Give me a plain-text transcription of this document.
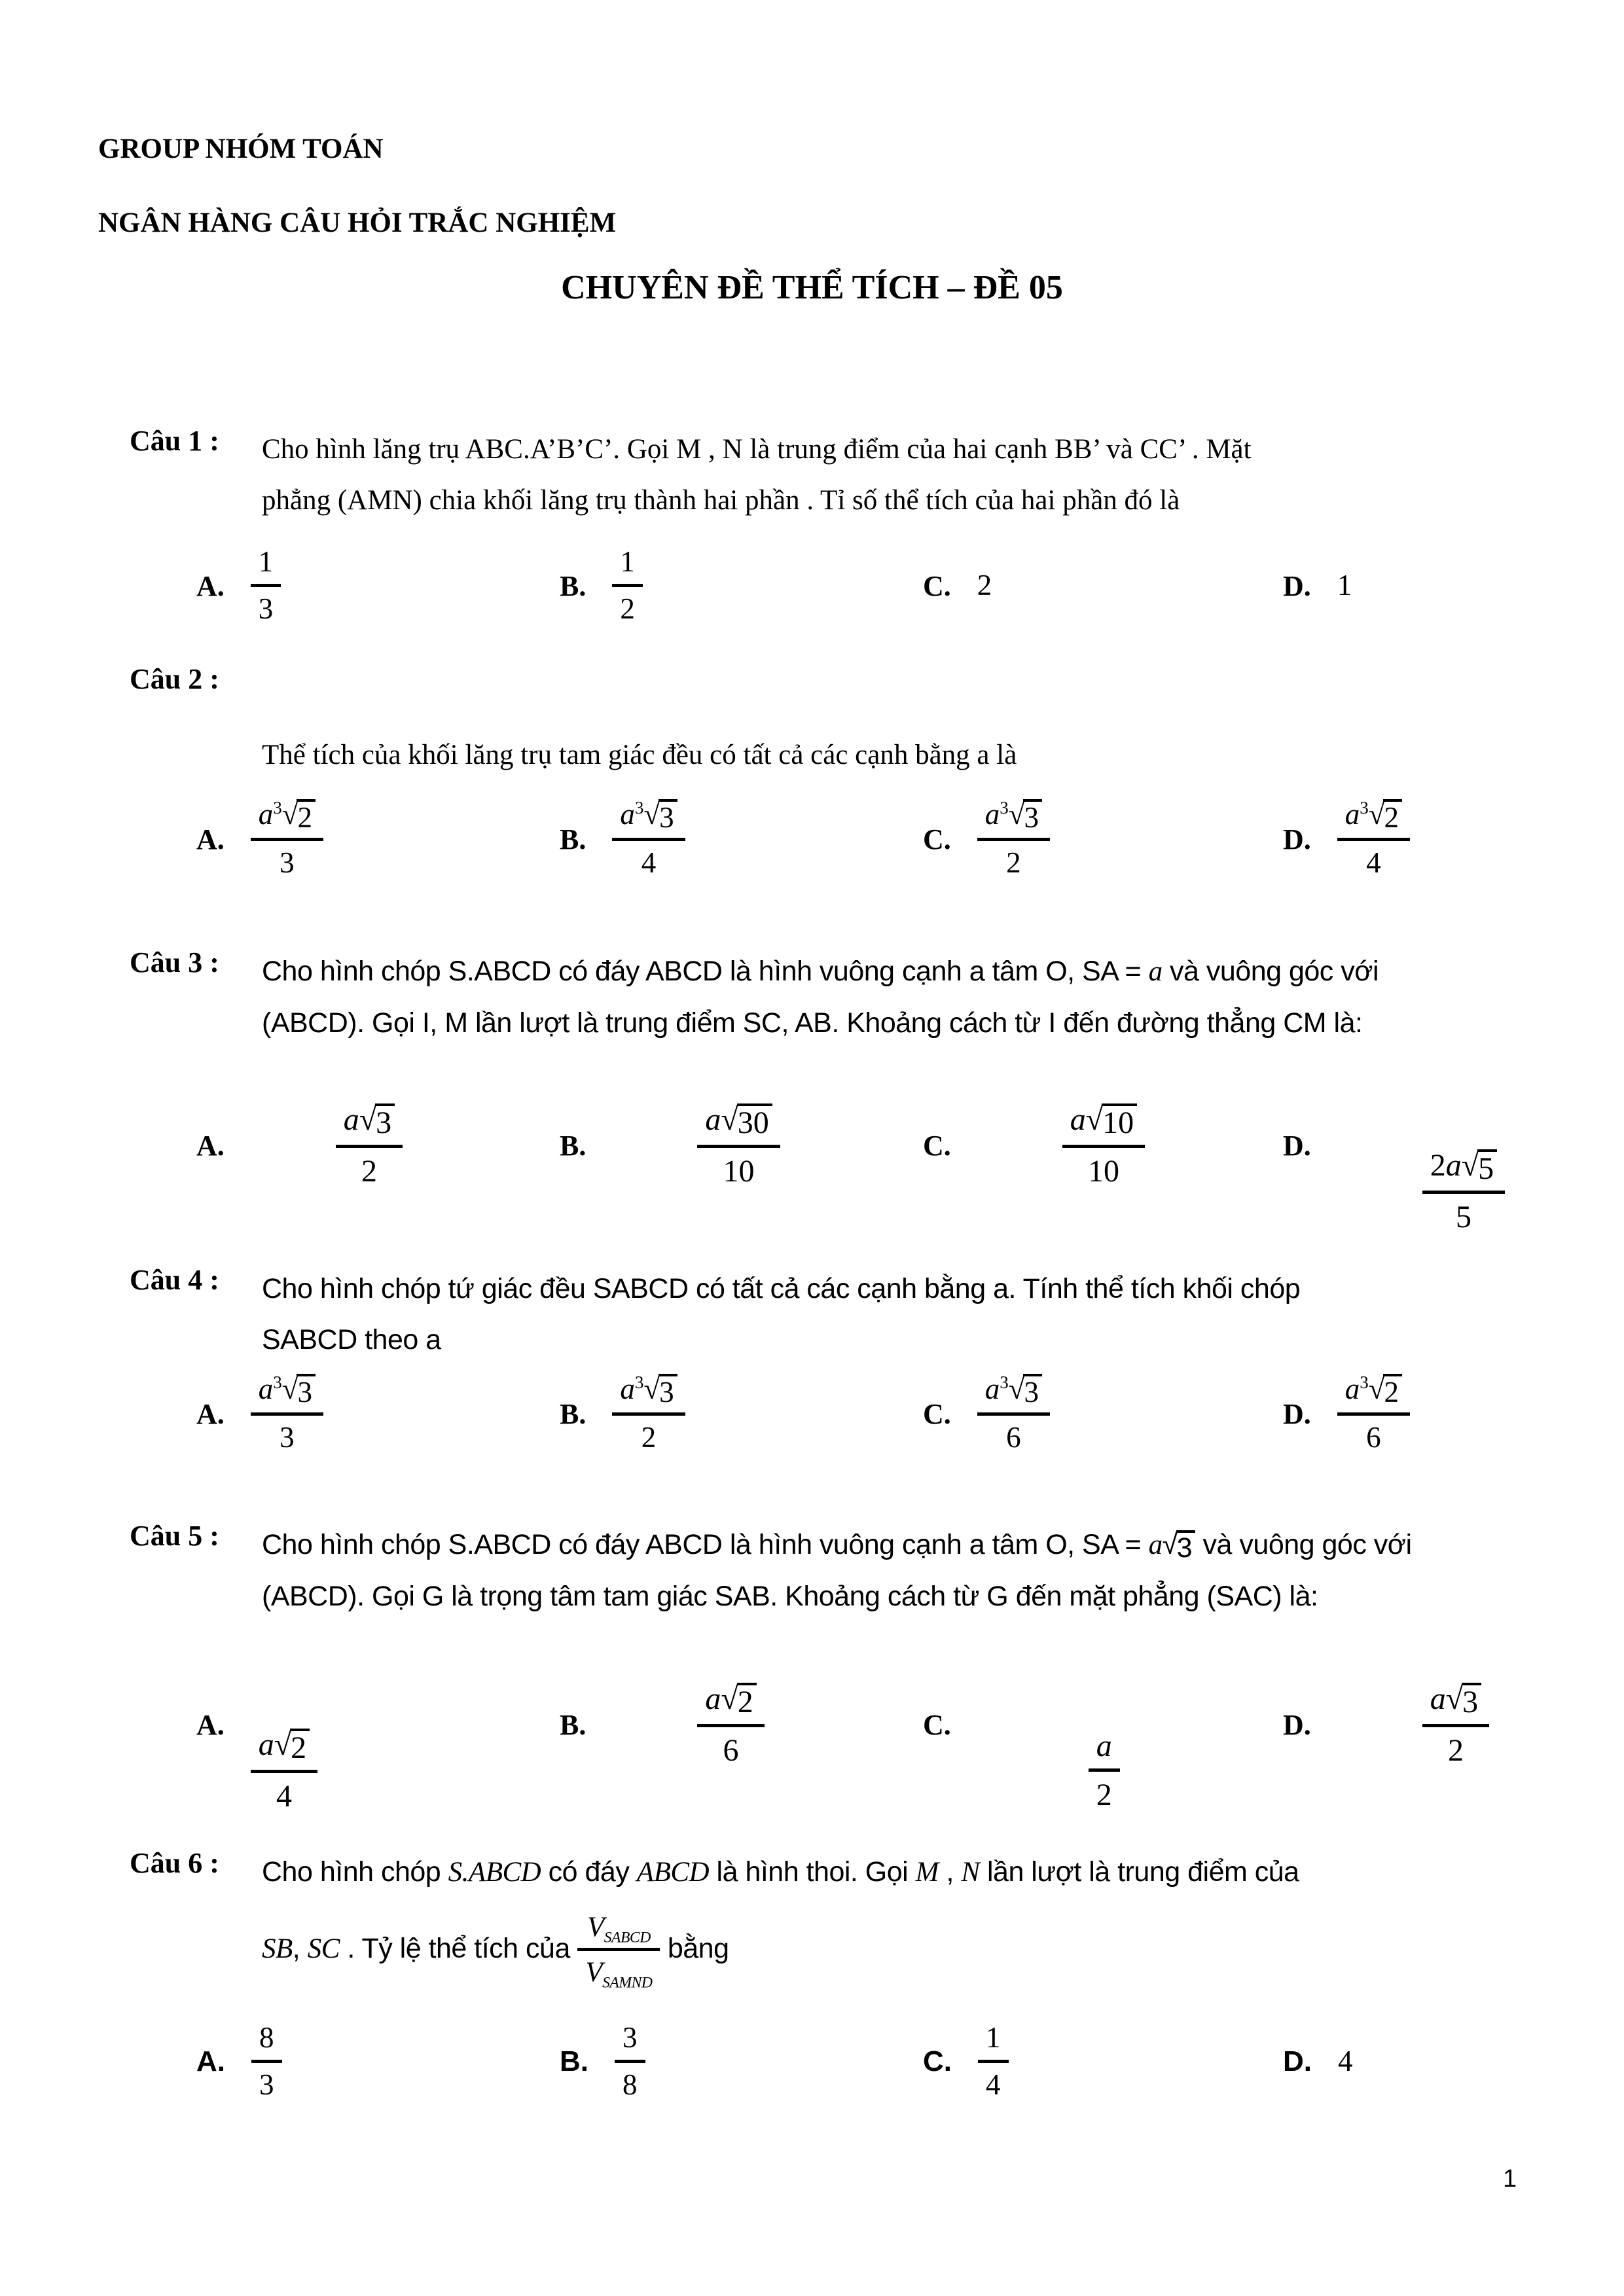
GROUP NHÓM TOÁN
NGÂN HÀNG CÂU HỎI TRẮC NGHIỆM
CHUYÊN ĐỀ THỂ TÍCH – ĐỀ 05
Câu 1 : Cho hình lăng trụ ABC.A’B’C’. Gọi M , N là trung điểm của hai cạnh BB’ và CC’ . Mặt

phẳng (AMN) chia khối lăng trụ thành hai phần . Tỉ số thể tích của hai phần đó là

A.
1
3
B.
1
2
C. 2	D. 1
Câu 2 :

Thể tích của khối lăng trụ tam giác đều có tất cả các cạnh bằng a là

A.
$a^3$ √ 2
3
B.
$a^3$ √ 3
4
C.
$a^3$ √ 3
2
D.
$a^3$ √ 2
4
Câu 3 : Cho hình chóp S.ABCD có đáy ABCD là hình vuông cạnh a tâm O, SA = a và vuông góc với

(ABCD). Gọi I, M lần lượt là trung điểm SC, AB. Khoảng cách từ I đến đường thẳng CM là:

A.
a √ 3
2
B.
a √ 30
10
C.
a √ 10
10
D.
2a √ 5
5
Câu 4 : Cho hình chóp tứ giác đều SABCD có tất cả các cạnh bằng a. Tính thể tích khối chóp

SABCD theo a

A.
$a^3$ √ 3
3
B.
$a^3$ √ 3
2
C.
$a^3$ √ 3
6
D.
$a^3$ √ 2
6
Câu 5 : Cho hình chóp S.ABCD có đáy ABCD là hình vuông cạnh a tâm O, SA = a √ 3 và vuông góc với

(ABCD). Gọi G là trọng tâm tam giác SAB. Khoảng cách từ G đến mặt phẳng (SAC) là:

A.
a √ 2
4
B.
a √ 2
6
C.
a
2
D.
a √ 3
2
Câu 6 : Cho hình chóp S.ABCD có đáy ABCD là hình thoi. Gọi M , N lần lượt là trung điểm của

SB, SC . Tỷ lệ thể tích của
$V_{SABCD}$
$V_{SAMND}$
bằng

A.
8
3
B.
3
8
C.
1
4
D. 4
1
